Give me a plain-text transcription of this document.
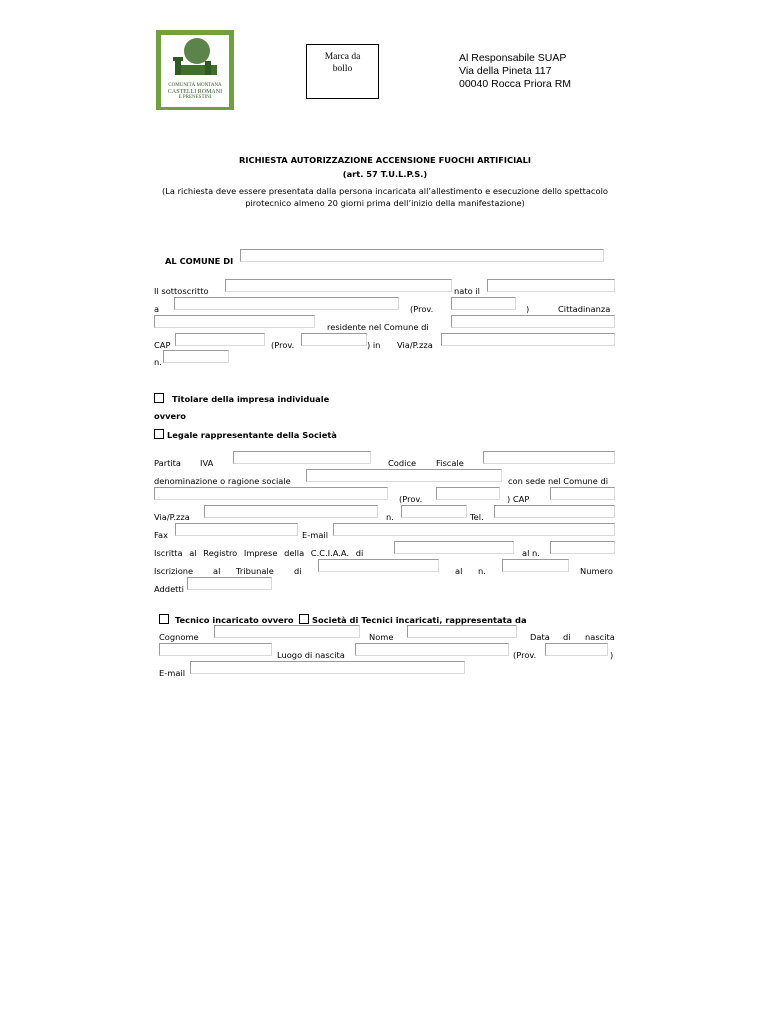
COMUNITÀ MONTANA
CASTELLI ROMANI
E PRENESTINI
Marca da
bollo
Al Responsabile SUAP
Via della Pineta 117
00040 Rocca Priora RM
RICHIESTA AUTORIZZAZIONE ACCENSIONE FUOCHI ARTIFICIALI
(art. 57 T.U.L.P.S.)
(La richiesta deve essere presentata dalla persona incaricata all’allestimento e esecuzione dello spettacolo
pirotecnico almeno 20 giorni prima dell’inizio della manifestazione)
AL COMUNE DI
Il sottoscritto	nato il
a	(Prov.	)	Cittadinanza
residente nel Comune di
CAP	(Prov.	) in Via/P.zza
n.
Titolare della impresa individuale
ovvero
Legale rappresentante della Società
Partita IVA	Codice Fiscale
denominazione o ragione sociale	con sede nel Comune di
(Prov.	) CAP
Via/P.zza	n.	Tel.
Fax	E-mail
Iscritta al Registro Imprese della C.C.I.A.A. di	al n.
Iscrizione al Tribunale di	al n.	Numero
Addetti
Tecnico incaricato ovvero	Società di Tecnici incaricati, rappresentata da
Cognome	Nome	Data di nascita
Luogo di nascita	(Prov.	)
E-mail
